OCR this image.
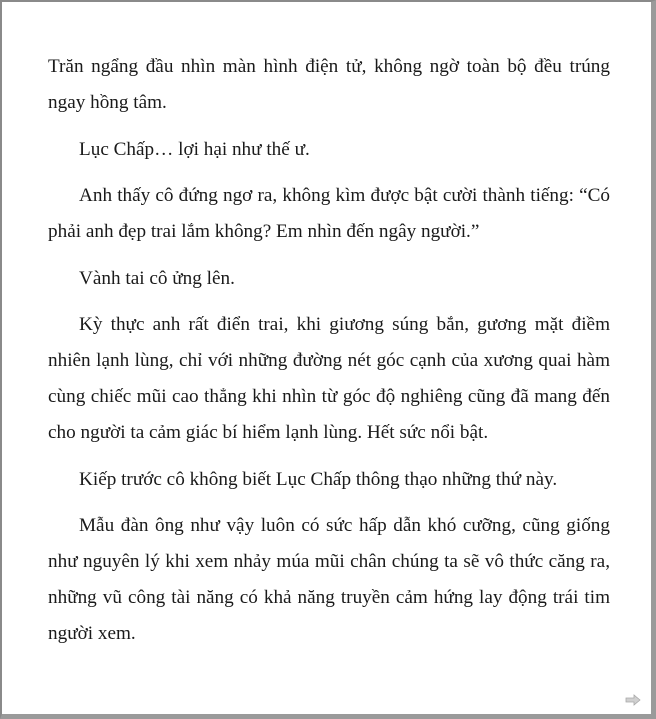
Trăn ngẩng đầu nhìn màn hình điện tử, không ngờ toàn bộ đều trúng ngay hồng tâm.

Lục Chấp… lợi hại như thế ư.

Anh thấy cô đứng ngơ ra, không kìm được bật cười thành tiếng: “Có phải anh đẹp trai lắm không? Em nhìn đến ngây người.”

Vành tai cô ửng lên.

Kỳ thực anh rất điển trai, khi giương súng bắn, gương mặt điềm nhiên lạnh lùng, chỉ với những đường nét góc cạnh của xương quai hàm cùng chiếc mũi cao thẳng khi nhìn từ góc độ nghiêng cũng đã mang đến cho người ta cảm giác bí hiểm lạnh lùng. Hết sức nổi bật.

Kiếp trước cô không biết Lục Chấp thông thạo những thứ này.

Mẫu đàn ông như vậy luôn có sức hấp dẫn khó cưỡng, cũng giống như nguyên lý khi xem nhảy múa mũi chân chúng ta sẽ vô thức căng ra, những vũ công tài năng có khả năng truyền cảm hứng lay động trái tim người xem.
